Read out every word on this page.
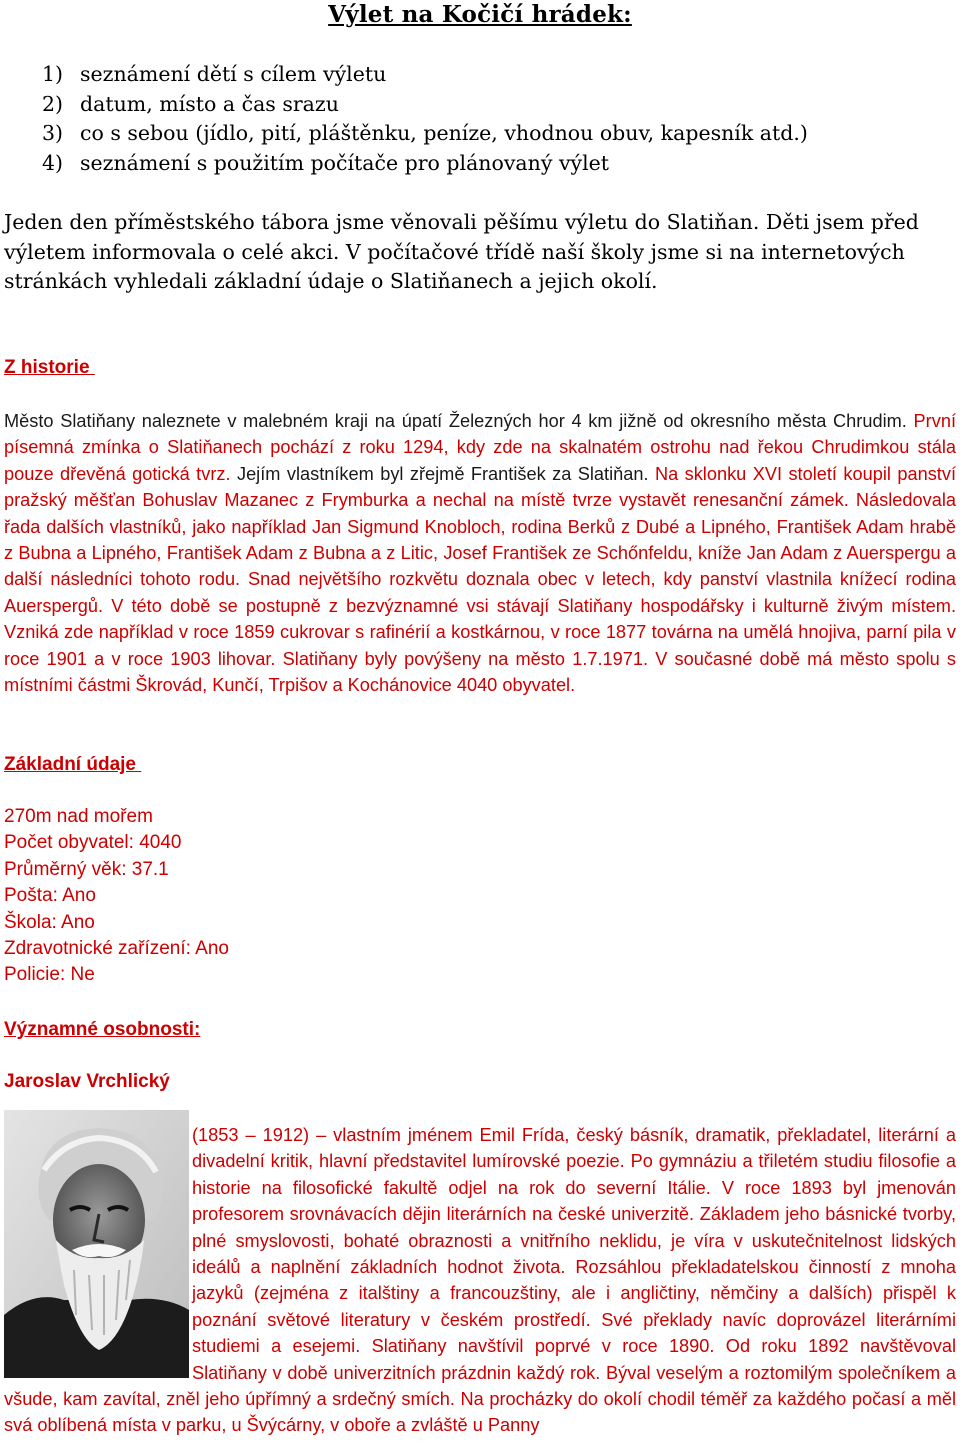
Výlet na Kočičí hrádek:
1) seznámení dětí s cílem výletu
2) datum, místo a čas srazu
3) co s sebou (jídlo, pití, pláštěnku, peníze, vhodnou obuv, kapesník atd.)
4) seznámení s použitím počítače pro plánovaný výlet

Jeden den příměstského tábora jsme věnovali pěšímu výletu do Slatiňan. Děti jsem před výletem informovala o celé akci. V počítačové třídě naší školy jsme si na internetových stránkách vyhledali základní údaje o Slatiňanech a jejich okolí.

Z historie

Město Slatiňany naleznete v malebném kraji na úpatí Železných hor 4 km jižně od okresního města Chrudim. První písemná zmínka o Slatiňanech pochází z roku 1294, kdy zde na skalnatém ostrohu nad řekou Chrudimkou stála pouze dřevěná gotická tvrz. Jejím vlastníkem byl zřejmě František za Slatiňan. Na sklonku XVI století koupil panství pražský měšťan Bohuslav Mazanec z Frymburka a nechal na místě tvrze vystavět renesanční zámek. Následovala řada dalších vlastníků, jako například Jan Sigmund Knobloch, rodina Berků z Dubé a Lipného, František Adam hrabě z Bubna a Lipného, František Adam z Bubna a z Litic, Josef František ze Schőnfeldu, kníže Jan Adam z Auerspergu a další následníci tohoto rodu. Snad největšího rozkvětu doznala obec v letech, kdy panství vlastnila knížecí rodina Auerspergů. V této době se postupně z bezvýznamné vsi stávají Slatiňany hospodářsky i kulturně živým místem. Vzniká zde například v roce 1859 cukrovar s rafinérií a kostkárnou, v roce 1877 továrna na umělá hnojiva, parní pila v roce 1901 a v roce 1903 lihovar. Slatiňany byly povýšeny na město 1.7.1971. V současné době má město spolu s místními částmi Škrovád, Kunčí, Trpišov a Kochánovice 4040 obyvatel.

Základní údaje
270m nad mořem
Počet obyvatel: 4040
Průměrný věk: 37.1
Pošta: Ano
Škola: Ano
Zdravotnické zařízení: Ano
Policie: Ne
Významné osobnosti:
Jaroslav Vrchlický

(1853 – 1912) – vlastním jménem Emil Frída, český básník, dramatik, překladatel, literární a divadelní kritik, hlavní představitel lumírovské poezie. Po gymnáziu a třiletém studiu filosofie a historie na filosofické fakultě odjel na rok do severní Itálie. V roce 1893 byl jmenován profesorem srovnávacích dějin literárních na české univerzitě. Základem jeho básnické tvorby, plné smyslovosti, bohaté obraznosti a vnitřního neklidu, je víra v uskutečnitelnost lidských ideálů a naplnění základních hodnot života. Rozsáhlou překladatelskou činností z mnoha jazyků (zejména z italštiny a francouzštiny, ale i angličtiny, němčiny a dalších) přispěl k poznání světové literatury v českém prostředí. Své překlady navíc doprovázel literárními studiemi a esejemi. Slatiňany navštívil poprvé v roce 1890. Od roku 1892 navštěvoval Slatiňany v době univerzitních prázdnin každý rok. Býval veselým a roztomilým společníkem a všude, kam zavítal, zněl jeho úpřímný a srdečný smích. Na procházky do okolí chodil téměř za každého počasí a měl svá oblíbená místa v parku, u Švýcárny, v oboře a zvláště u Panny
